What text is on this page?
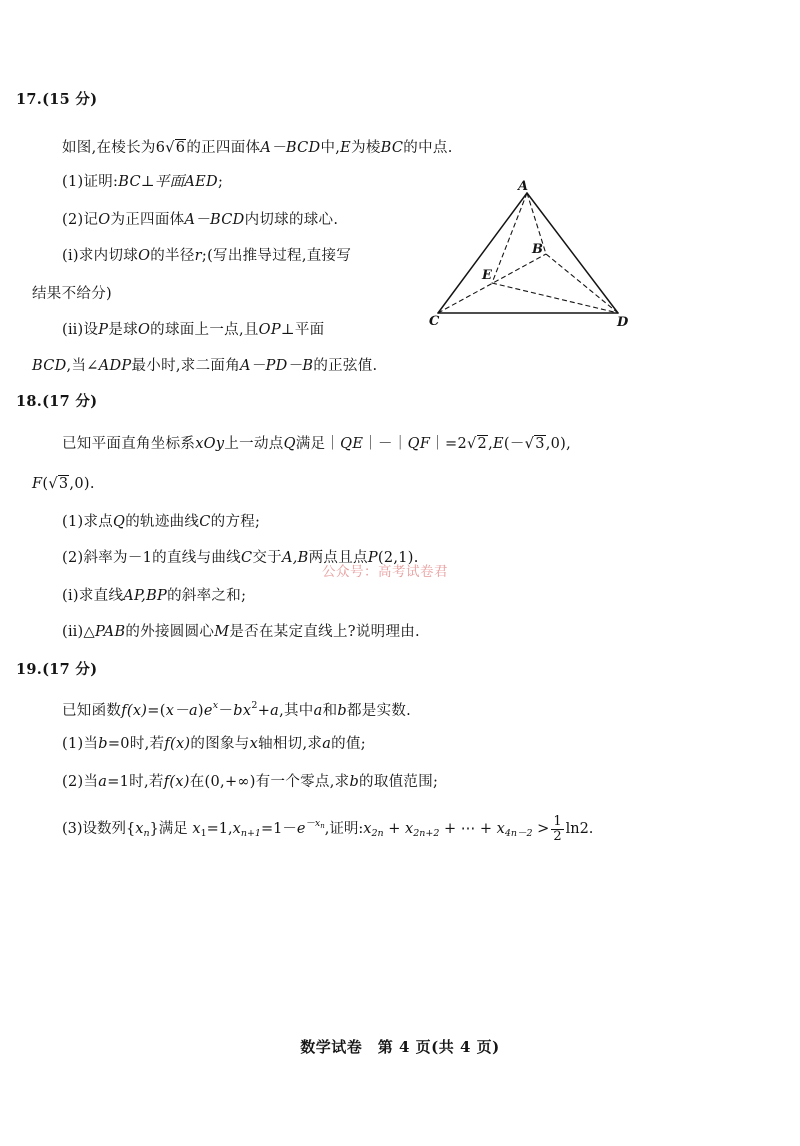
17.(15 分)
如图,在棱长为6√6的正四面体A－BCD中,E为棱BC的中点.
(1)证明:BC⊥平面AED;
(2)记O为正四面体A－BCD内切球的球心.
(i)求内切球O的半径r;(写出推导过程,直接写
结果不给分)
(ⅱ)设P是球O的球面上一点,且OP⊥平面
BCD,当∠ADP最小时,求二面角A－PD－B的正弦值.
A
B
C	D
E
18.(17 分)
已知平面直角坐标系xOy上一动点Q满足｜QE｜－｜QF｜=2√2,E(－√3,0),
F(√3,0).
(1)求点Q的轨迹曲线C的方程;
(2)斜率为－1的直线与曲线C交于A,B两点且点P(2,1).
公众号：高考试卷君
(i)求直线AP,BP的斜率之和;
(ⅱ)△PAB的外接圆圆心M是否在某定直线上?说明理由.
19.(17 分)
已知函数$f(x)=(x-a)e^x-bx^2+a$,其中a和b都是实数.
(1)当b=0时,若f(x)的图象与x轴相切,求a的值;
(2)当a=1时,若f(x)在(0,+∞)有一个零点,求b的取值范围;
(3)设数列$\{x_n\}$满足 $x_1=1,x_{n+1}=1-e^{-xn}$,证明$:x_{2n} + x_{2n+2}$ + ⋯ + $x_{4n-2} > \frac{1}{2} \ln 2$.
数学试卷　第 4 页(共 4 页)
